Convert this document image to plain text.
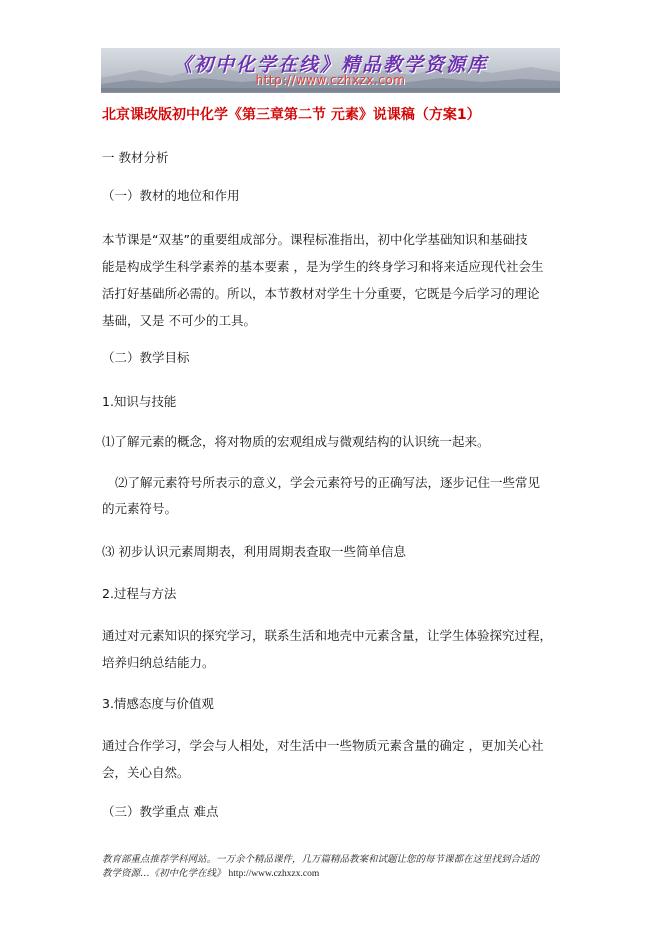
《初中化学在线》精品教学资源库
http://www.czhxzx.com
北京课改版初中化学《第三章第二节 元素》说课稿（方案1）
一 教材分析
（一）教材的地位和作用
本节课是“双基”的重要组成部分。课程标准指出，初中化学基础知识和基础技
能是构成学生科学素养的基本要素 ，是为学生的终身学习和将来适应现代社会生
活打好基础所必需的。所以，本节教材对学生十分重要，它既是今后学习的理论
基础，又是 不可少的工具。
（二）教学目标
1.知识与技能
⑴了解元素的概念，将对物质的宏观组成与微观结构的认识统一起来。
⑵了解元素符号所表示的意义，学会元素符号的正确写法，逐步记住一些常见
的元素符号。
⑶ 初步认识元素周期表，利用周期表查取一些简单信息
2.过程与方法
通过对元素知识的探究学习，联系生活和地壳中元素含量，让学生体验探究过程，
培养归纳总结能力。
3.情感态度与价值观
通过合作学习，学会与人相处，对生活中一些物质元素含量的确定 ，更加关心社
会，关心自然。
（三）教学重点 难点
教育部重点推荐学科网站。一万余个精品课件，几万篇精品教案和试题让您的每节课都在这里找到合适的
教学资源…《初中化学在线》 http://www.czhxzx.com
